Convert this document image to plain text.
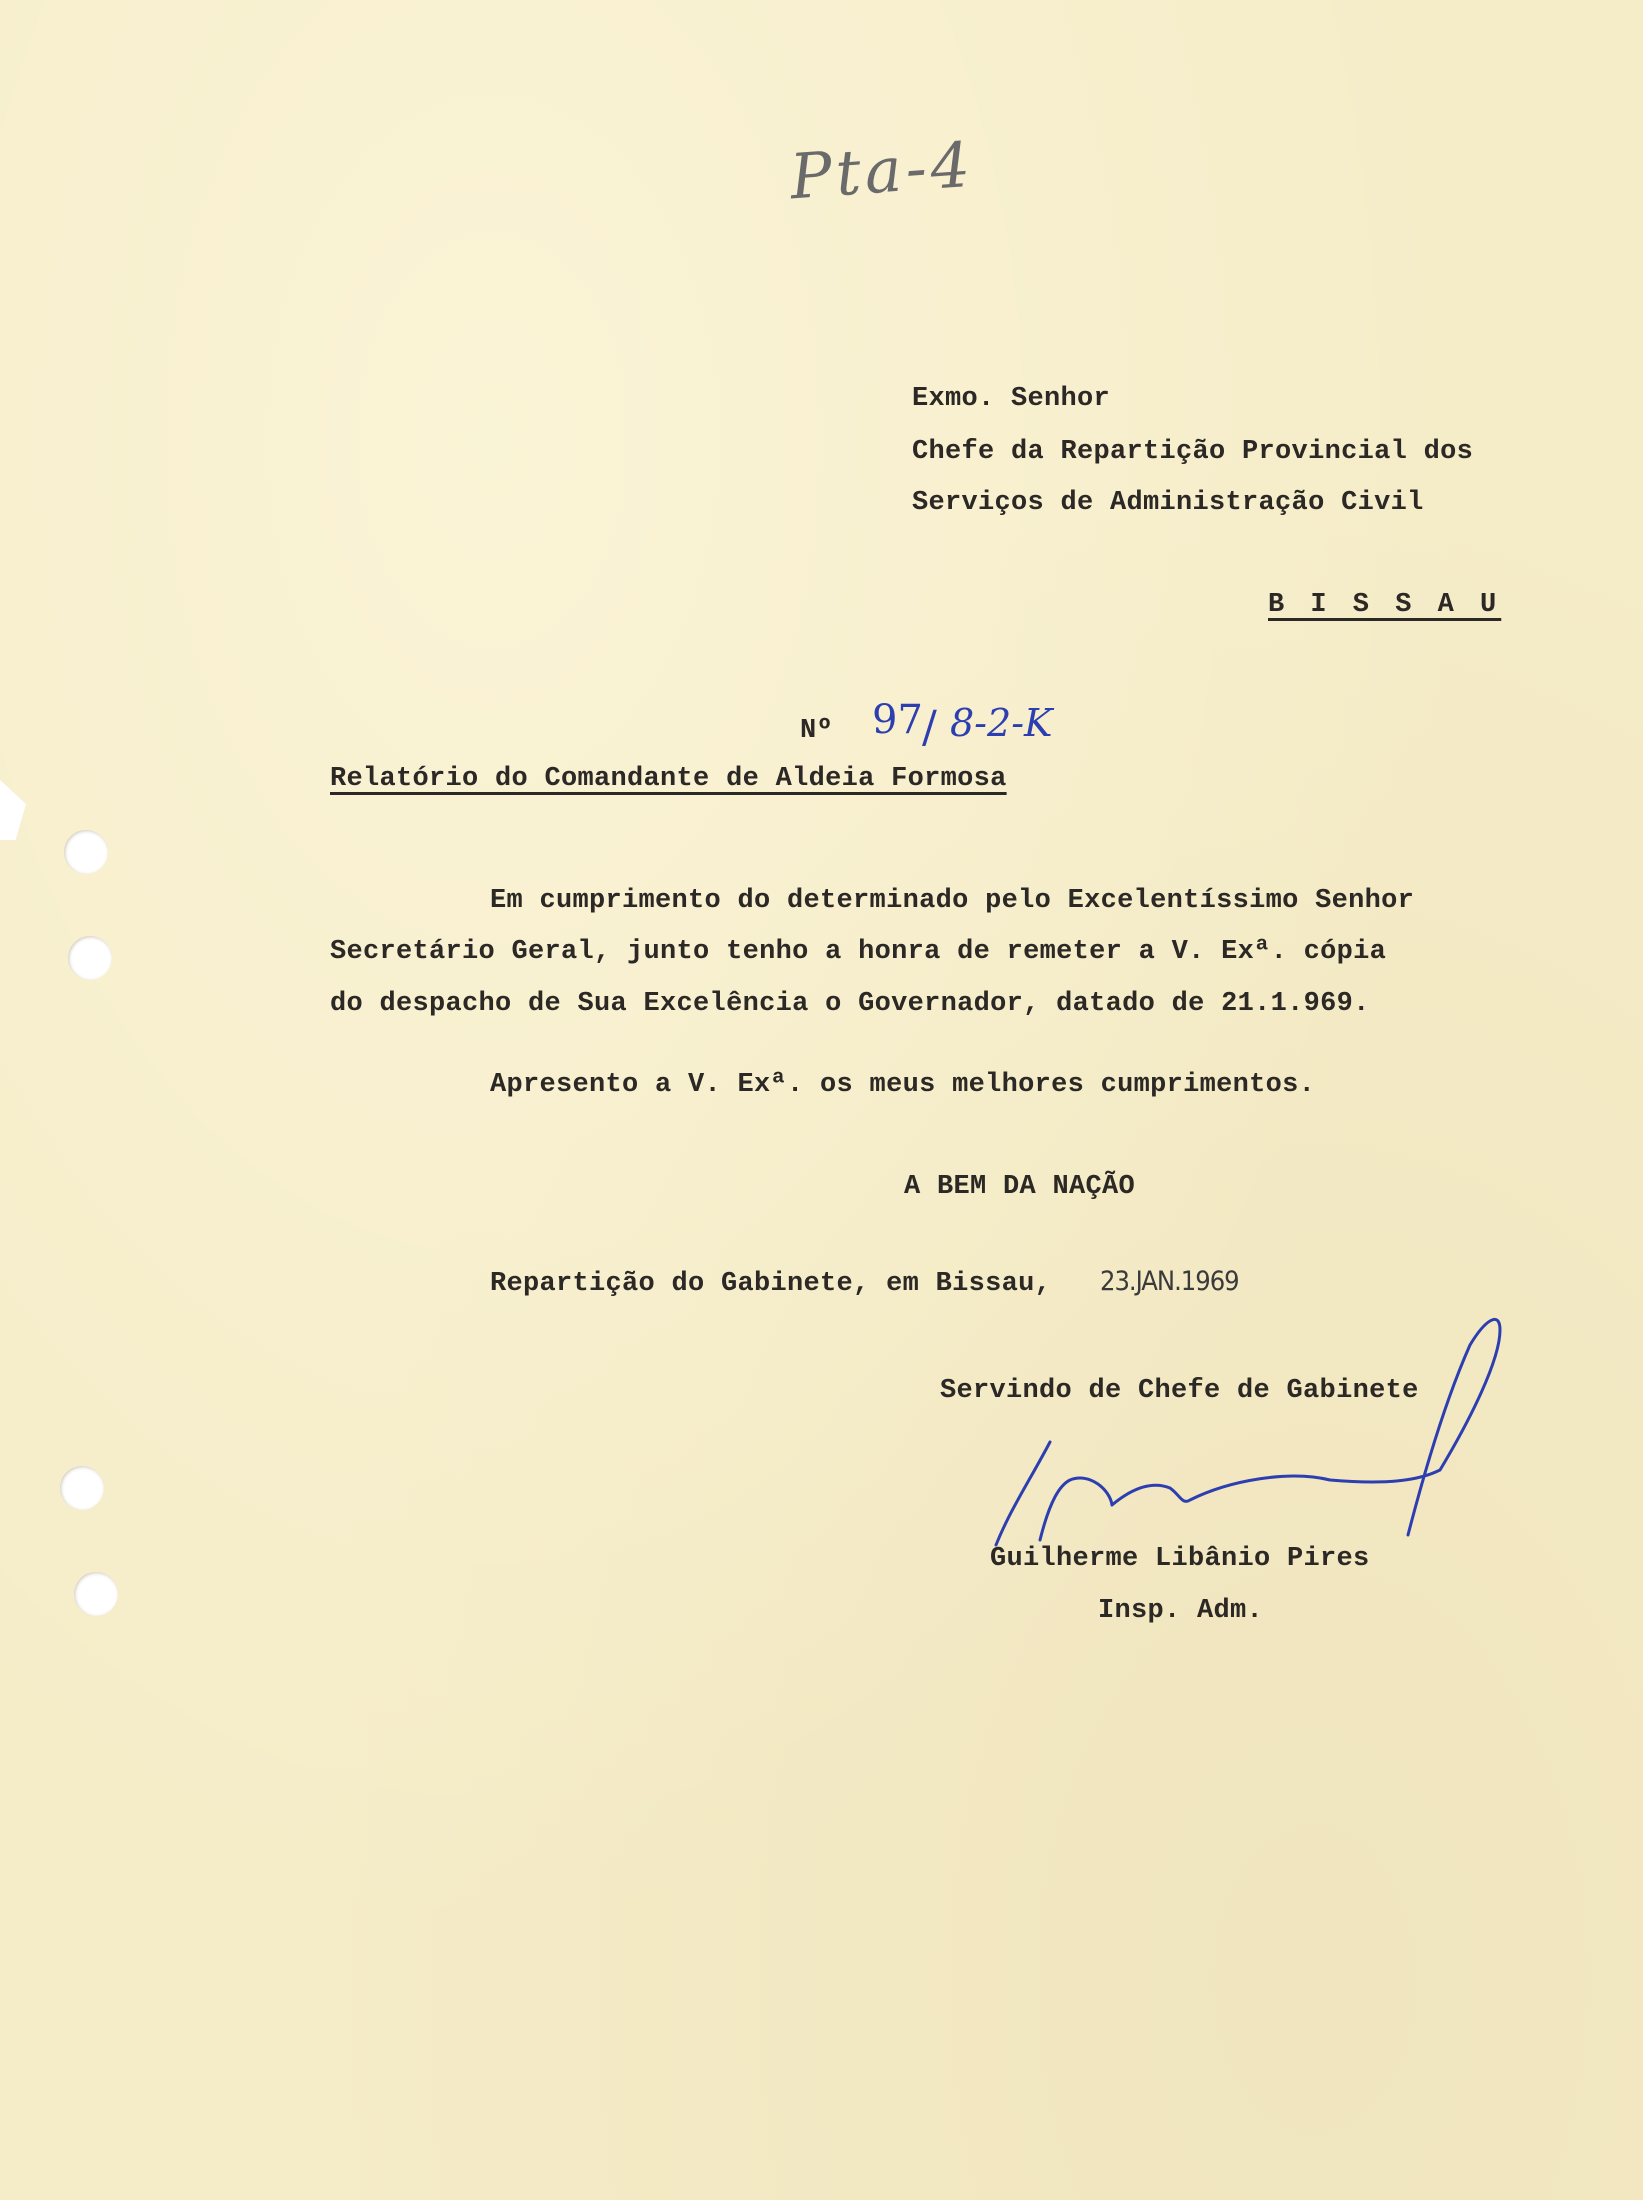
Pta-4
Exmo. Senhor
Chefe da Repartição Provincial dos
Serviços de Administração Civil
B I S S A U
Nº 97 / 8-2-K
Relatório do Comandante de Aldeia Formosa
Em cumprimento do determinado pelo Excelentíssimo Senhor
Secretário Geral, junto tenho a honra de remeter a V. Exª. cópia
do despacho de Sua Excelência o Governador, datado de 21.1.969.
Apresento a V. Exª. os meus melhores cumprimentos.
A BEM DA NAÇÃO
Repartição do Gabinete, em Bissau, 23.JAN.1969
Servindo de Chefe de Gabinete
Guilherme Libânio Pires
Insp. Adm.
